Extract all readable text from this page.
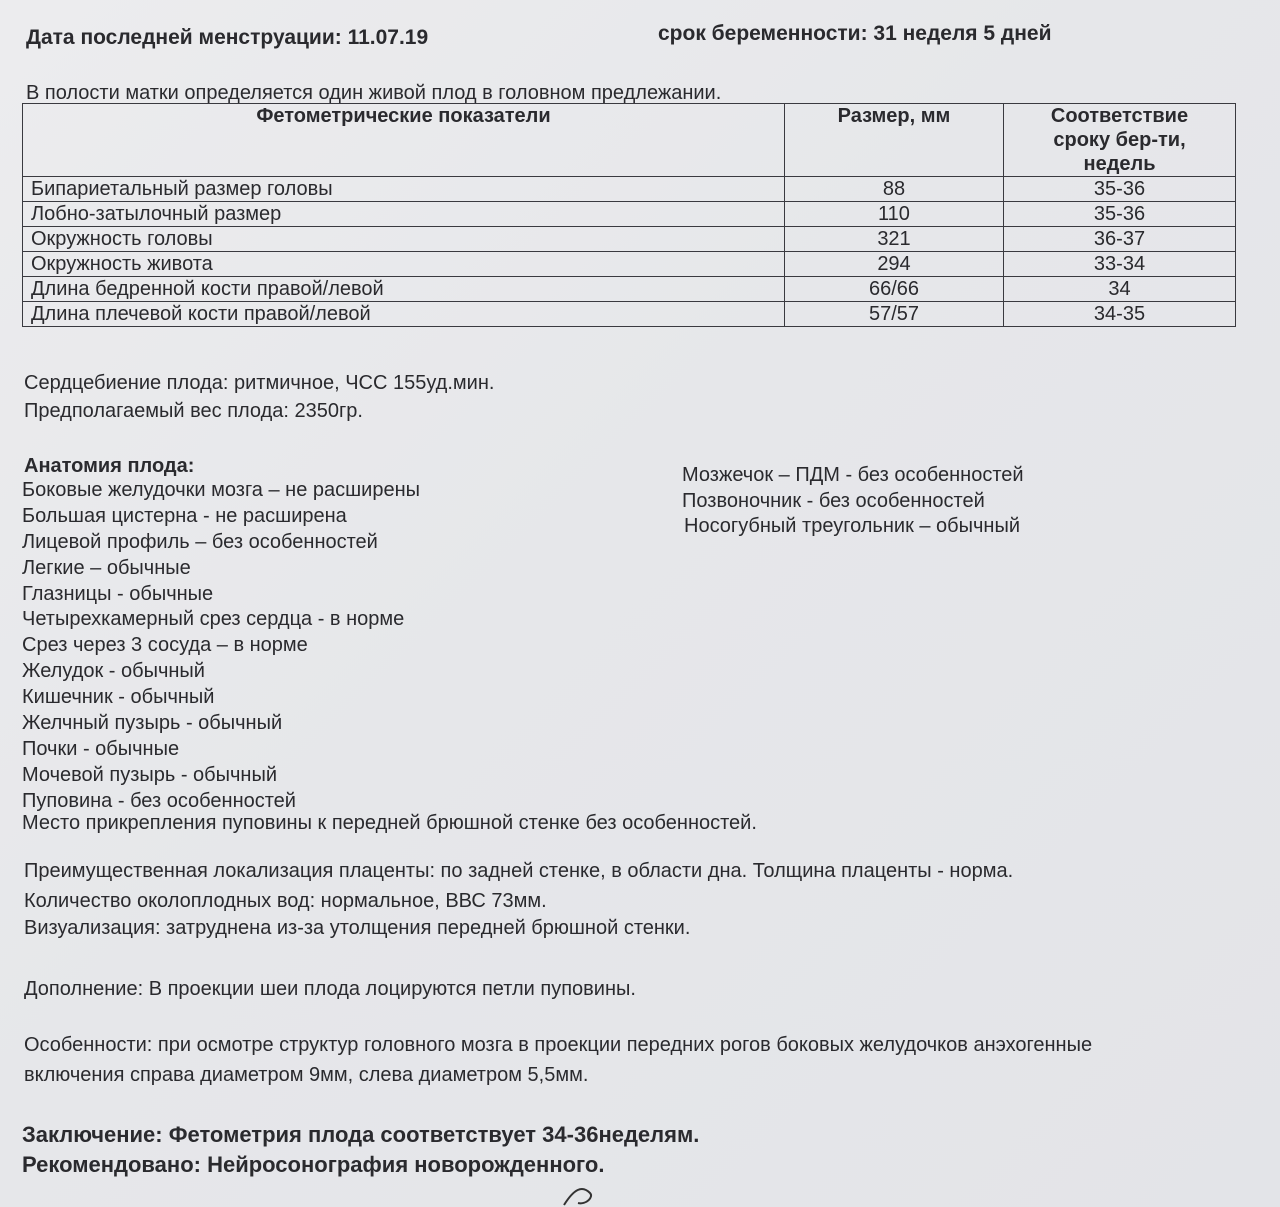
Дата последней менструации: 11.07.19	срок беременности: 31 неделя 5 дней
В полости матки определяется один живой плод в головном предлежании.
Фетометрические показатели	Размер, мм	Соответствие
сроку бер-ти,
недель

Бипариетальный размер головы	88	35-36
Лобно-затылочный размер	110	35-36
Окружность головы	321	36-37
Окружность живота	294	33-34
Длина бедренной кости правой/левой	66/66	34
Длина плечевой кости правой/левой	57/57	34-35
Сердцебиение плода: ритмичное, ЧСС 155уд.мин.
Предполагаемый вес плода: 2350гр.
Анатомия плода:
Боковые желудочки мозга – не расширены
Большая цистерна - не расширена
Лицевой профиль – без особенностей
Легкие – обычные
Глазницы - обычные
Четырехкамерный срез сердца - в норме
Срез через 3 сосуда – в норме
Желудок - обычный
Кишечник - обычный
Желчный пузырь - обычный
Почки - обычные
Мочевой пузырь - обычный
Пуповина - без особенностей
Место прикрепления пуповины к передней брюшной стенке без особенностей.
Мозжечок – ПДМ - без особенностей
Позвоночник - без особенностей
Носогубный треугольник – обычный
Преимущественная локализация плаценты: по задней стенке, в области дна. Толщина плаценты - норма.
Количество околоплодных вод: нормальное, ВВС 73мм.
Визуализация: затруднена из-за утолщения передней брюшной стенки.
Дополнение: В проекции шеи плода лоцируются петли пуповины.
Особенности: при осмотре структур головного мозга в проекции передних рогов боковых желудочков анэхогенные
включения справа диаметром 9мм, слева диаметром 5,5мм.
Заключение: Фетометрия плода соответствует 34-36неделям.
Рекомендовано: Нейросонография новорожденного.
